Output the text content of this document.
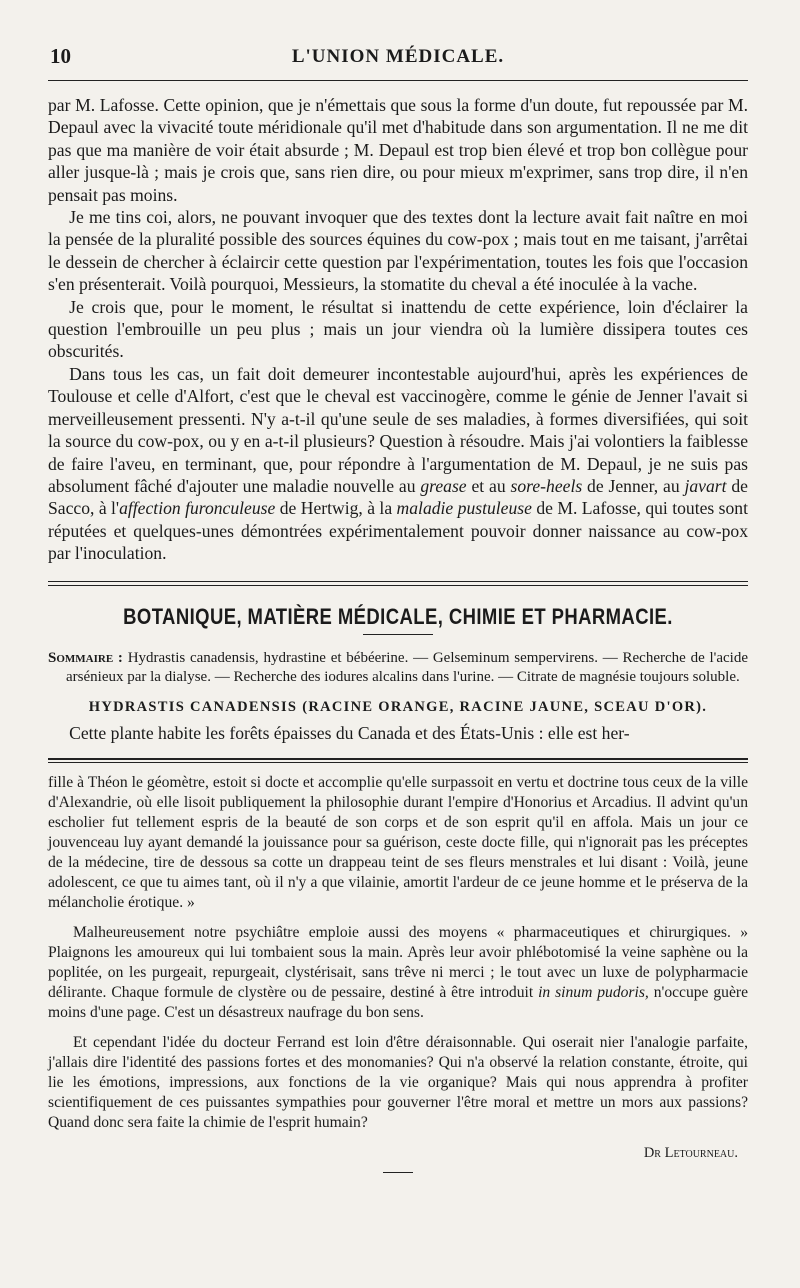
10	L'UNION MÉDICALE.

par M. Lafosse. Cette opinion, que je n'émettais que sous la forme d'un doute, fut repoussée par M. Depaul avec la vivacité toute méridionale qu'il met d'habitude dans son argumentation. Il ne me dit pas que ma manière de voir était absurde ; M. Depaul est trop bien élevé et trop bon collègue pour aller jusque-là ; mais je crois que, sans rien dire, ou pour mieux m'exprimer, sans trop dire, il n'en pensait pas moins.

Je me tins coi, alors, ne pouvant invoquer que des textes dont la lecture avait fait naître en moi la pensée de la pluralité possible des sources équines du cow-pox ; mais tout en me taisant, j'arrêtai le dessein de chercher à éclaircir cette question par l'expérimentation, toutes les fois que l'occasion s'en présenterait. Voilà pourquoi, Messieurs, la stomatite du cheval a été inoculée à la vache.

Je crois que, pour le moment, le résultat si inattendu de cette expérience, loin d'éclairer la question l'embrouille un peu plus ; mais un jour viendra où la lumière dissipera toutes ces obscurités.

Dans tous les cas, un fait doit demeurer incontestable aujourd'hui, après les expériences de Toulouse et celle d'Alfort, c'est que le cheval est vaccinogère, comme le génie de Jenner l'avait si merveilleusement pressenti. N'y a-t-il qu'une seule de ses maladies, à formes diversifiées, qui soit la source du cow-pox, ou y en a-t-il plusieurs? Question à résoudre. Mais j'ai volontiers la faiblesse de faire l'aveu, en terminant, que, pour répondre à l'argumentation de M. Depaul, je ne suis pas absolument fâché d'ajouter une maladie nouvelle au grease et au sore-heels de Jenner, au javart de Sacco, à l'affection furonculeuse de Hertwig, à la maladie pustuleuse de M. Lafosse, qui toutes sont réputées et quelques-unes démontrées expérimentalement pouvoir donner naissance au cow-pox par l'inoculation.

BOTANIQUE, MATIÈRE MÉDICALE, CHIMIE ET PHARMACIE.

Sommaire : Hydrastis canadensis, hydrastine et bébéerine. — Gelseminum sempervirens. — Recherche de l'acide arsénieux par la dialyse. — Recherche des iodures alcalins dans l'urine. — Citrate de magnésie toujours soluble.

HYDRASTIS CANADENSIS (RACINE ORANGE, RACINE JAUNE, SCEAU D'OR).

Cette plante habite les forêts épaisses du Canada et des États-Unis : elle est her-

fille à Théon le géomètre, estoit si docte et accomplie qu'elle surpassoit en vertu et doctrine tous ceux de la ville d'Alexandrie, où elle lisoit publiquement la philosophie durant l'empire d'Honorius et Arcadius. Il advint qu'un escholier fut tellement espris de la beauté de son corps et de son esprit qu'il en affola. Mais un jour ce jouvenceau luy ayant demandé la jouissance pour sa guérison, ceste docte fille, qui n'ignorait pas les préceptes de la médecine, tire de dessous sa cotte un drappeau teint de ses fleurs menstrales et lui disant : Voilà, jeune adolescent, ce que tu aimes tant, où il n'y a que vilainie, amortit l'ardeur de ce jeune homme et le préserva de la mélancholie érotique. »

Malheureusement notre psychiâtre emploie aussi des moyens « pharmaceutiques et chirurgiques. » Plaignons les amoureux qui lui tombaient sous la main. Après leur avoir phlébotomisé la veine saphène ou la poplitée, on les purgeait, repurgeait, clystérisait, sans trêve ni merci ; le tout avec un luxe de polypharmacie délirante. Chaque formule de clystère ou de pessaire, destiné à être introduit in sinum pudoris, n'occupe guère moins d'une page. C'est un désastreux naufrage du bon sens.

Et cependant l'idée du docteur Ferrand est loin d'être déraisonnable. Qui oserait nier l'analogie parfaite, j'allais dire l'identité des passions fortes et des monomanies? Qui n'a observé la relation constante, étroite, qui lie les émotions, impressions, aux fonctions de la vie organique? Mais qui nous apprendra à profiter scientifiquement de ces puissantes sympathies pour gouverner l'être moral et mettre un mors aux passions? Quand donc sera faite la chimie de l'esprit humain?

Dr Letourneau.
